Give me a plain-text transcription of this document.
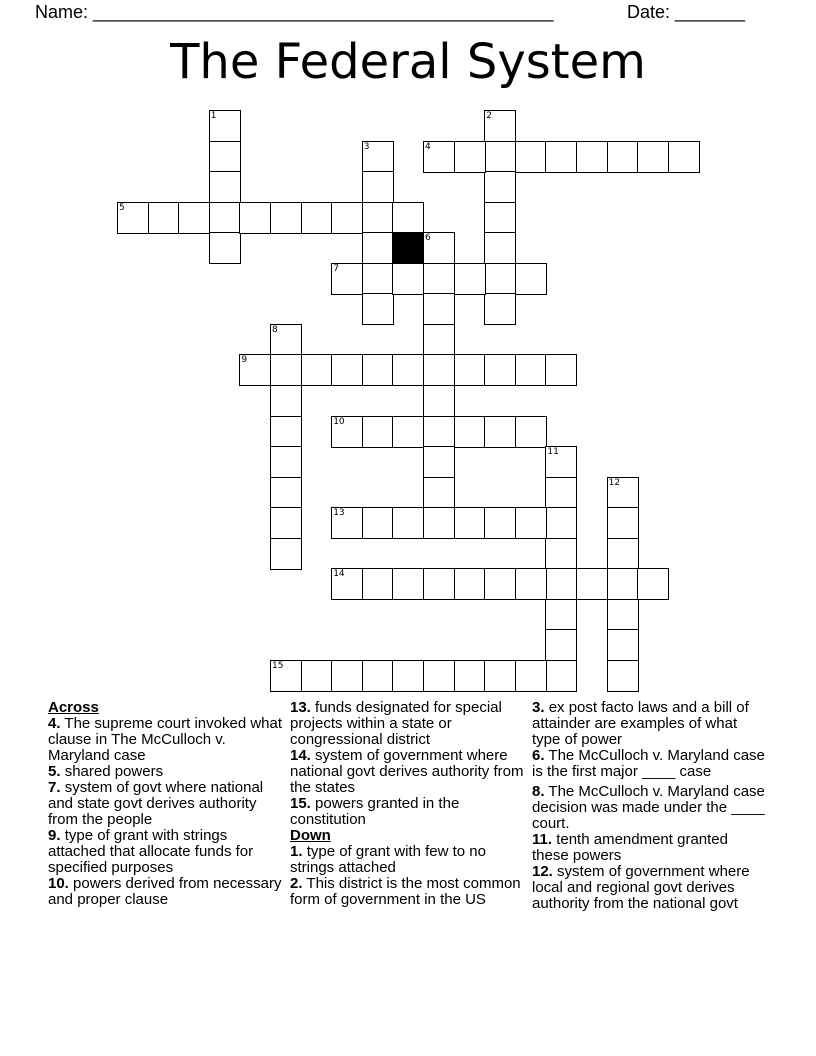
Name: ______________________________________________	Date: _______
The Federal System
1	2
3	4
5
6
7
8
9
10
11
12
13
14
15
Across
4. The supreme court invoked what clause in The McCulloch v. Maryland case
5. shared powers
7. system of govt where national and state govt derives authority from the people
9. type of grant with strings attached that allocate funds for specified purposes
10. powers derived from necessary and proper clause
13. funds designated for special projects within a state or congressional district
14. system of government where national govt derives authority from the states
15. powers granted in the constitution
Down
1. type of grant with few to no strings attached
2. This district is the most common form of government in the US
3. ex post facto laws and a bill of attainder are examples of what type of power
6. The McCulloch v. Maryland case is the first major ____ case
8. The McCulloch v. Maryland case decision was made under the ____ court.
11. tenth amendment granted these powers
12. system of government where local and regional govt derives authority from the national govt
